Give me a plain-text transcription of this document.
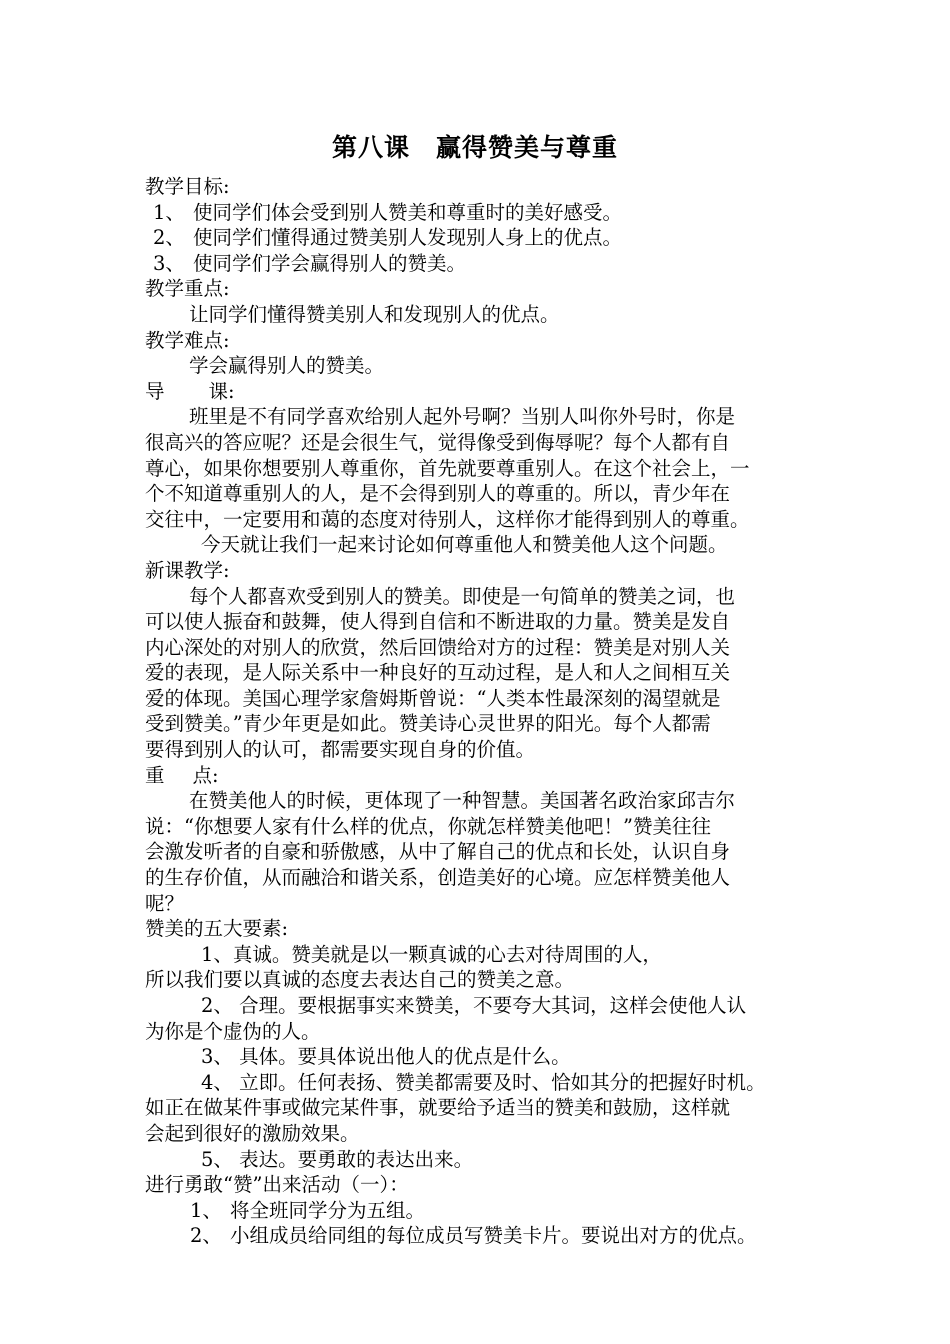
第八课 赢得赞美与尊重
教学目标:
1、 使同学们体会受到别人赞美和尊重时的美好感受。
2、 使同学们懂得通过赞美别人发现别人身上的优点。
3、 使同学们学会赢得别人的赞美。
教学重点:
让同学们懂得赞美别人和发现别人的优点。
教学难点:
学会赢得别人的赞美。
导 课:
班里是不有同学喜欢给别人起外号啊？当别人叫你外号时，你是
很高兴的答应呢？还是会很生气，觉得像受到侮辱呢？每个人都有自
尊心，如果你想要别人尊重你，首先就要尊重别人。在这个社会上，一
个不知道尊重别人的人，是不会得到别人的尊重的。所以，青少年在
交往中，一定要用和蔼的态度对待别人，这样你才能得到别人的尊重。
今天就让我们一起来讨论如何尊重他人和赞美他人这个问题。
新课教学:
每个人都喜欢受到别人的赞美。即使是一句简单的赞美之词，也
可以使人振奋和鼓舞，使人得到自信和不断进取的力量。赞美是发自
内心深处的对别人的欣赏，然后回馈给对方的过程：赞美是对别人关
爱的表现，是人际关系中一种良好的互动过程，是人和人之间相互关
爱的体现。美国心理学家詹姆斯曾说：“人类本性最深刻的渴望就是
受到赞美。”青少年更是如此。赞美诗心灵世界的阳光。每个人都需
要得到别人的认可，都需要实现自身的价值。
重 点:
在赞美他人的时候，更体现了一种智慧。美国著名政治家邱吉尔
说：“你想要人家有什么样的优点，你就怎样赞美他吧！”赞美往往
会激发听者的自豪和骄傲感，从中了解自己的优点和长处，认识自身
的生存价值，从而融洽和谐关系，创造美好的心境。应怎样赞美他人
呢？
赞美的五大要素:
1、真诚。赞美就是以一颗真诚的心去对待周围的人，
所以我们要以真诚的态度去表达自己的赞美之意。
2、 合理。要根据事实来赞美，不要夸大其词，这样会使他人认
为你是个虚伪的人。
3、 具体。要具体说出他人的优点是什么。
4、 立即。任何表扬、赞美都需要及时、恰如其分的把握好时机。
如正在做某件事或做完某件事，就要给予适当的赞美和鼓励，这样就
会起到很好的激励效果。
5、 表达。要勇敢的表达出来。
进行勇敢“赞”出来活动（一）：
1、 将全班同学分为五组。
2、 小组成员给同组的每位成员写赞美卡片。要说出对方的优点。
